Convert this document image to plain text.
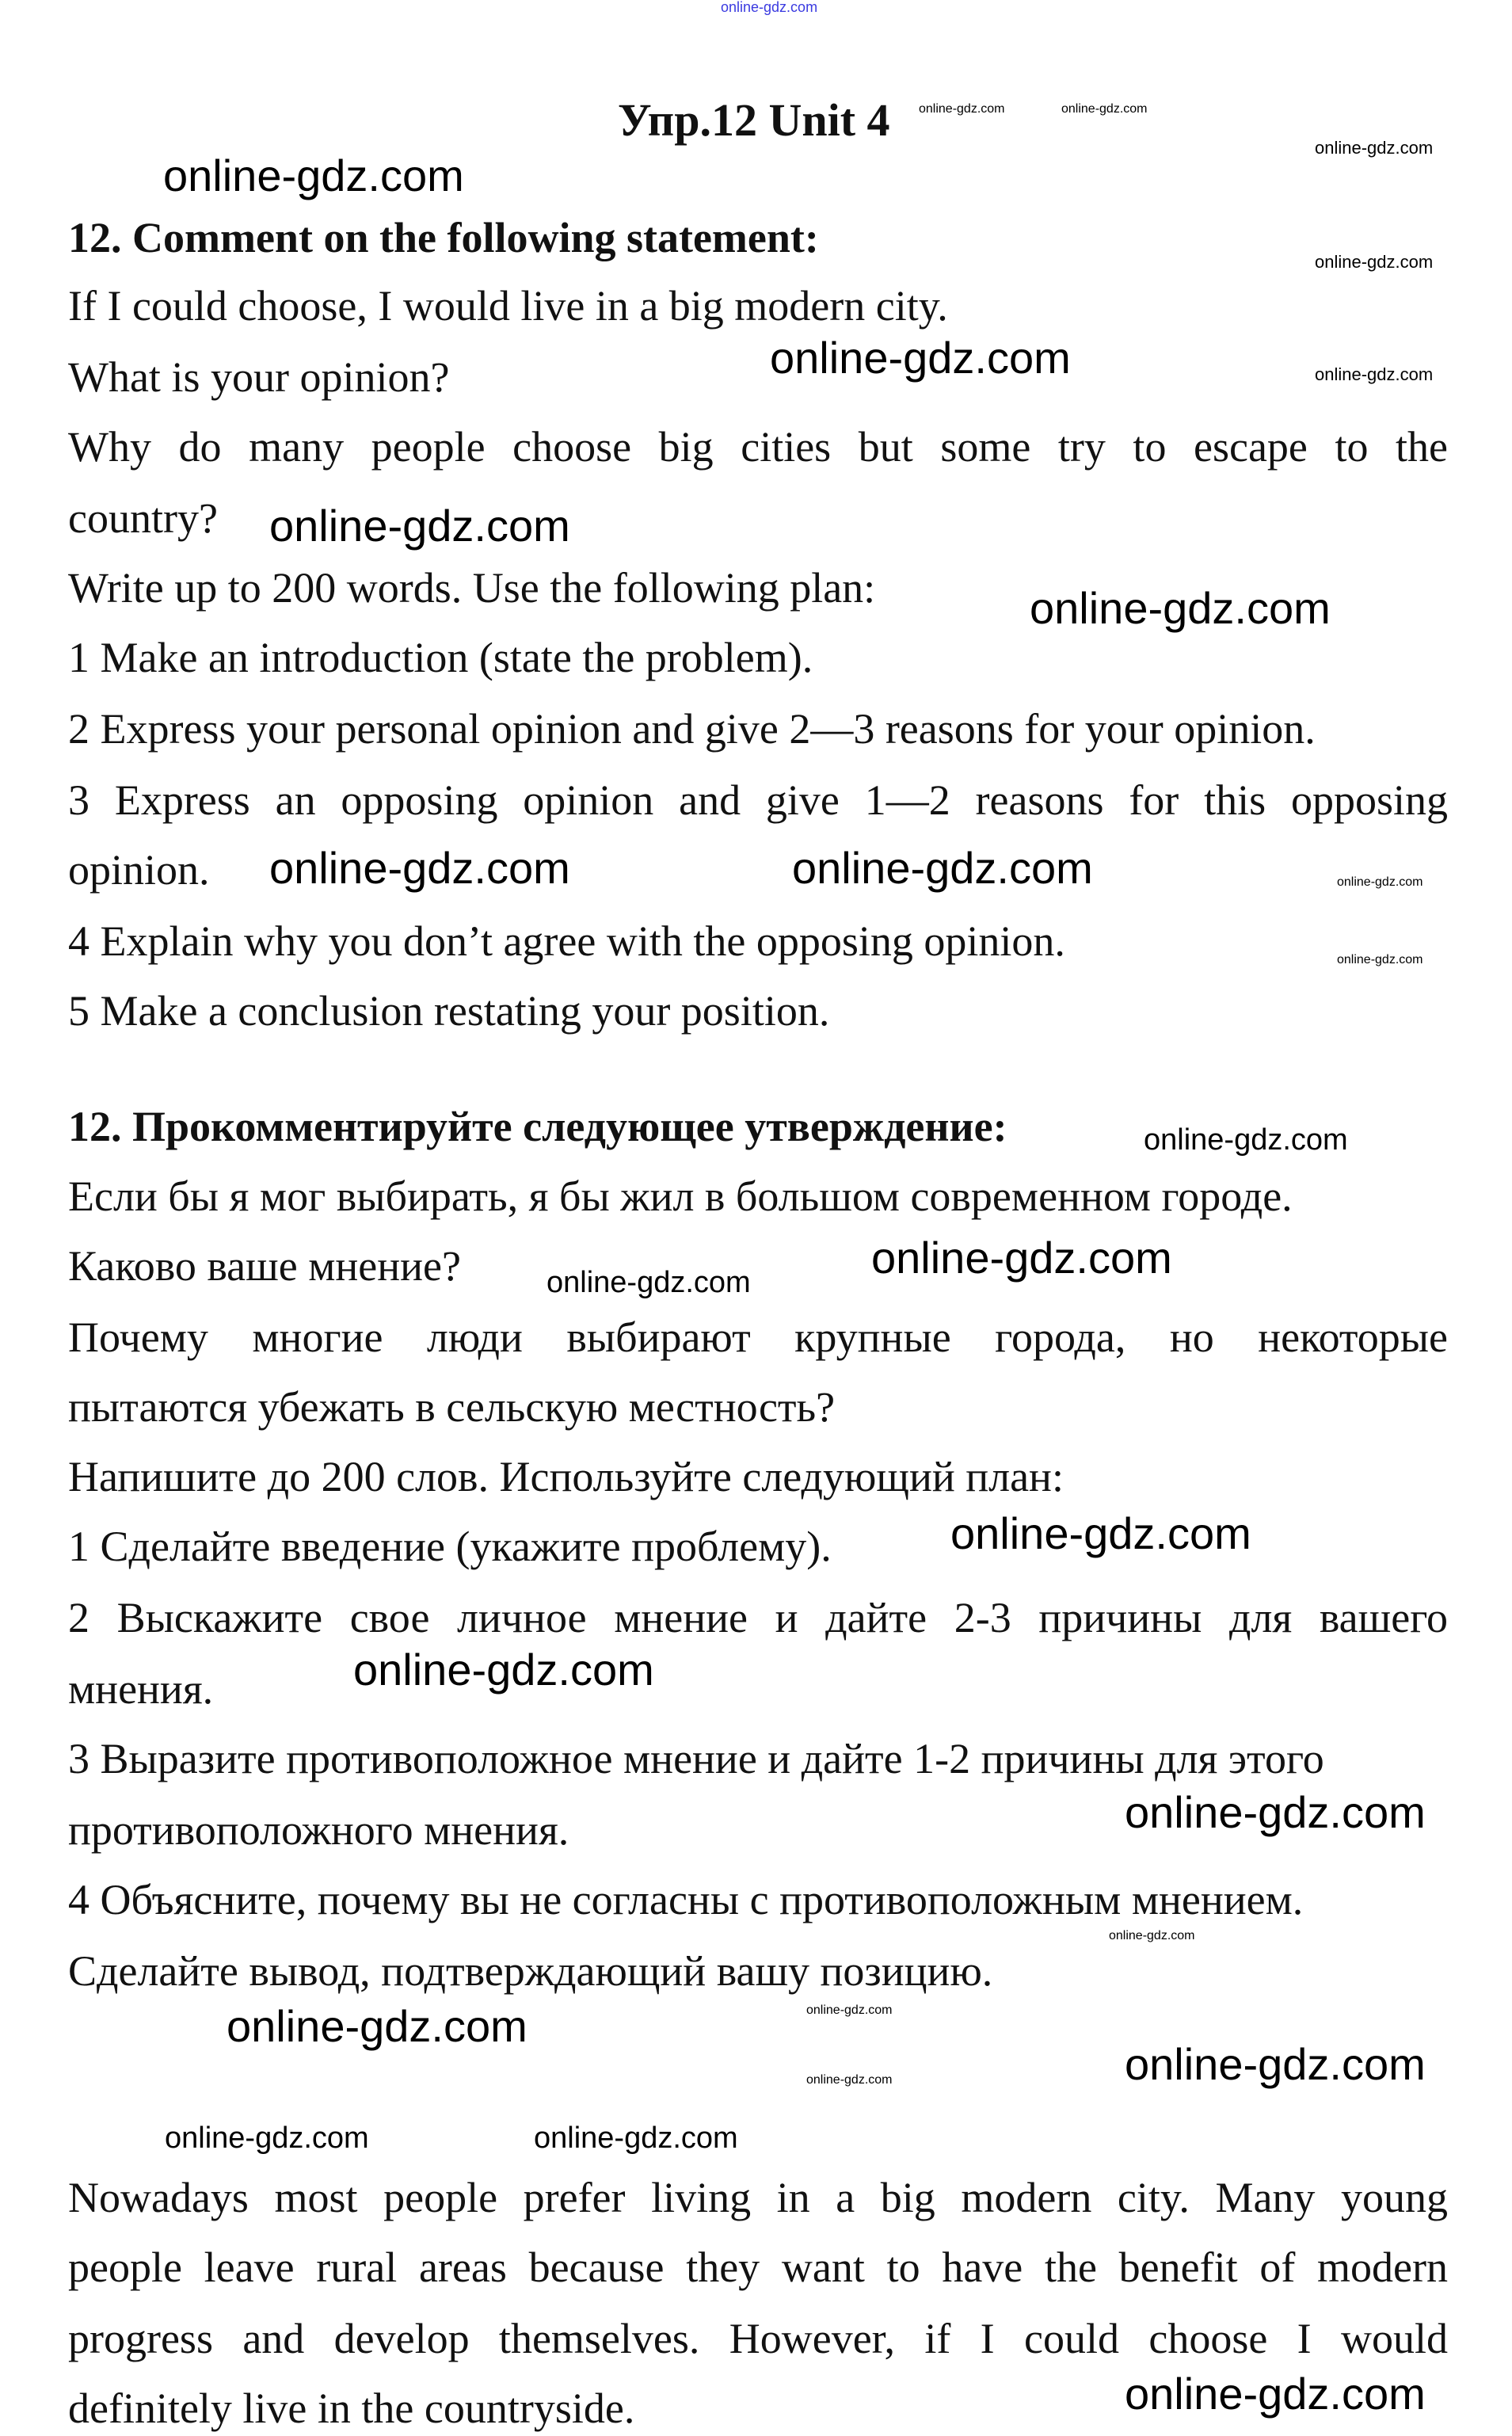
Упр.12 Unit 4
12. Comment on the following statement:
If I could choose, I would live in a big modern city.
What is your opinion?
Why do many people choose big cities but some try to escape to the
country?
Write up to 200 words. Use the following plan:
1 Make an introduction (state the problem).
2 Express your personal opinion and give 2—3 reasons for your opinion.
3 Express an opposing opinion and give 1—2 reasons for this opposing
opinion.
4 Explain why you don’t agree with the opposing opinion.
5 Make a conclusion restating your position.
12. Прокомментируйте следующее утверждение:
Если бы я мог выбирать, я бы жил в большом современном городе.
Каково ваше мнение?
Почему многие люди выбирают крупные города, но некоторые
пытаются убежать в сельскую местность?
Напишите до 200 слов. Используйте следующий план:
1 Сделайте введение (укажите проблему).
2 Выскажите свое личное мнение и дайте 2-3 причины для вашего
мнения.
3 Выразите противоположное мнение и дайте 1-2 причины для этого
противоположного мнения.
4 Объясните, почему вы не согласны с противоположным мнением.
Сделайте вывод, подтверждающий вашу позицию.
Nowadays most people prefer living in a big modern city. Many young
people leave rural areas because they want to have the benefit of modern
progress and develop themselves. However, if I could choose I would
definitely live in the countryside.
online-gdz.com
online-gdz.com	online-gdz.com
online-gdz.com
online-gdz.com
online-gdz.com
online-gdz.com
online-gdz.com
online-gdz.com
online-gdz.com
online-gdz.com	online-gdz.com	online-gdz.com
online-gdz.com
online-gdz.com
online-gdz.com
online-gdz.com
online-gdz.com
online-gdz.com
online-gdz.com
online-gdz.com
online-gdz.com	online-gdz.com
online-gdz.com
online-gdz.com
online-gdz.com	online-gdz.com
online-gdz.com
